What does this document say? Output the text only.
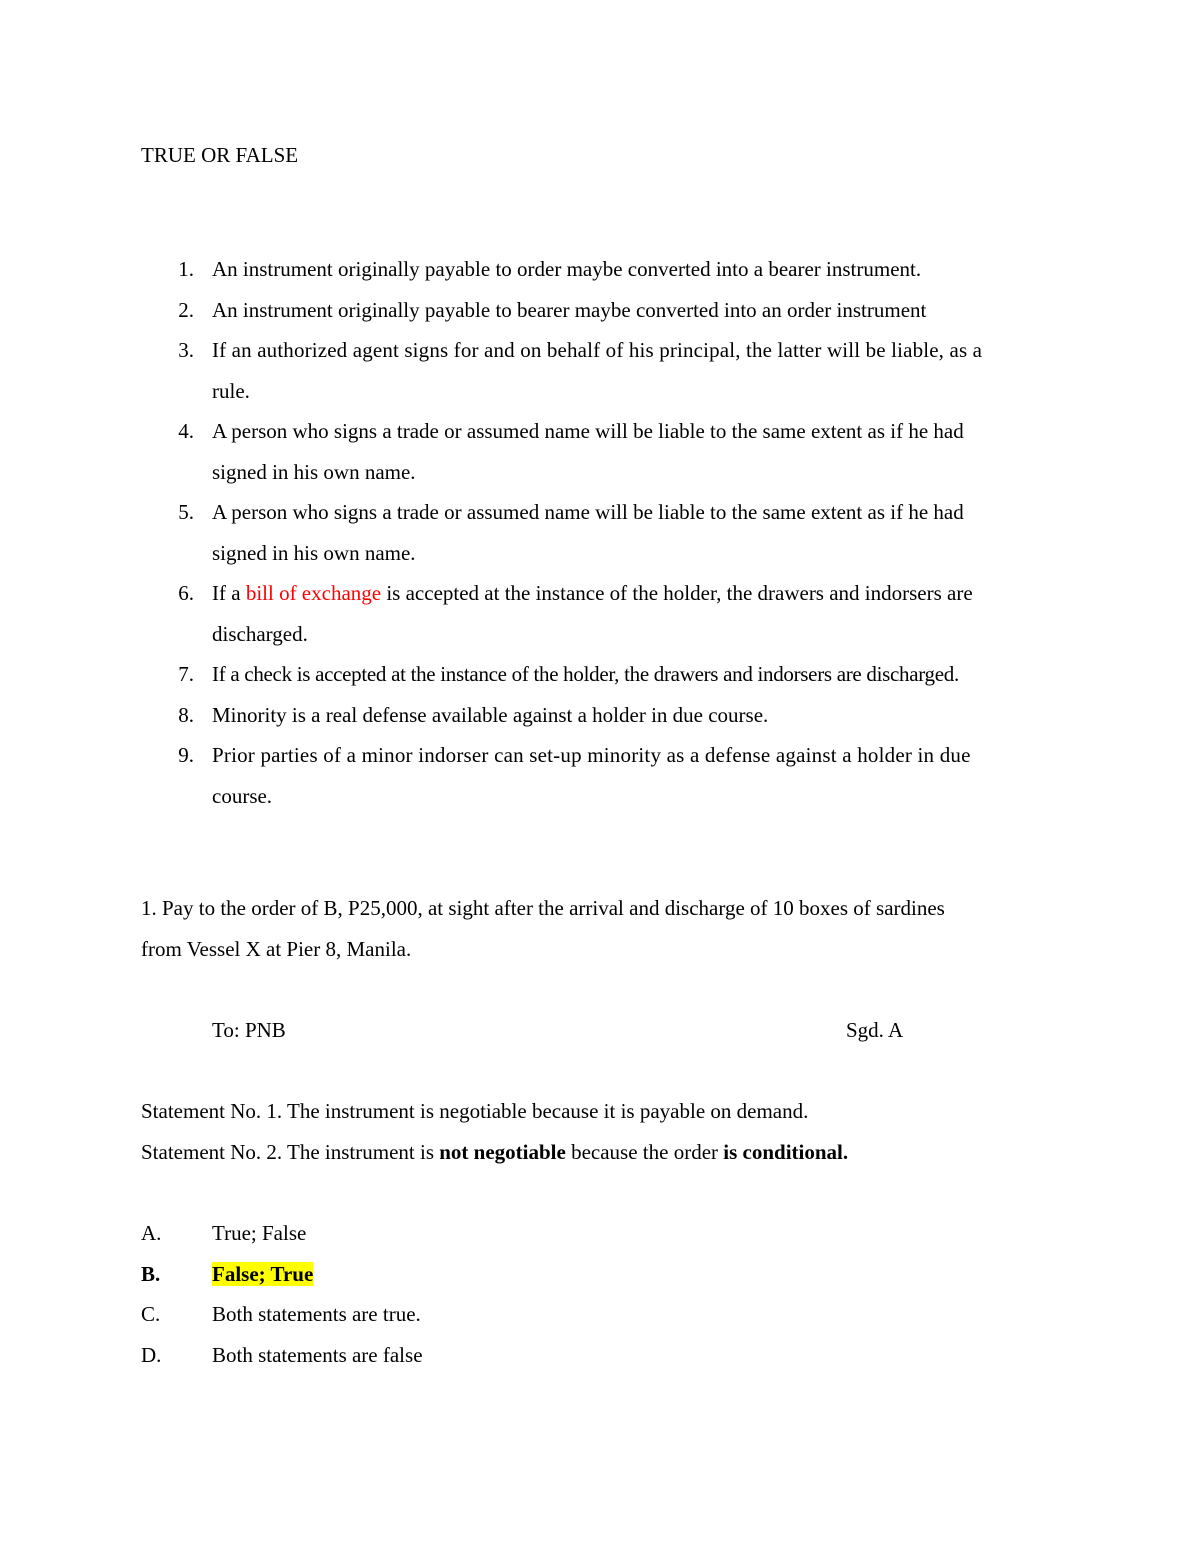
TRUE OR FALSE
1. An instrument originally payable to order maybe converted into a bearer instrument.
2. An instrument originally payable to bearer maybe converted into an order instrument
3. If an authorized agent signs for and on behalf of his principal, the latter will be liable, as a
rule.
4. A person who signs a trade or assumed name will be liable to the same extent as if he had
signed in his own name.
5. A person who signs a trade or assumed name will be liable to the same extent as if he had
signed in his own name.
6. If a bill of exchange is accepted at the instance of the holder, the drawers and indorsers are
discharged.
7. If a check is accepted at the instance of the holder, the drawers and indorsers are discharged.
8. Minority is a real defense available against a holder in due course.
9. Prior parties of a minor indorser can set-up minority as a defense against a holder in due
course.
1. Pay to the order of B, P25,000, at sight after the arrival and discharge of 10 boxes of sardines
from Vessel X at Pier 8, Manila.
To: PNB	Sgd. A
Statement No. 1. The instrument is negotiable because it is payable on demand.
Statement No. 2. The instrument is not negotiable because the order is conditional.
A. True; False
B. False; True
C. Both statements are true.
D. Both statements are false
